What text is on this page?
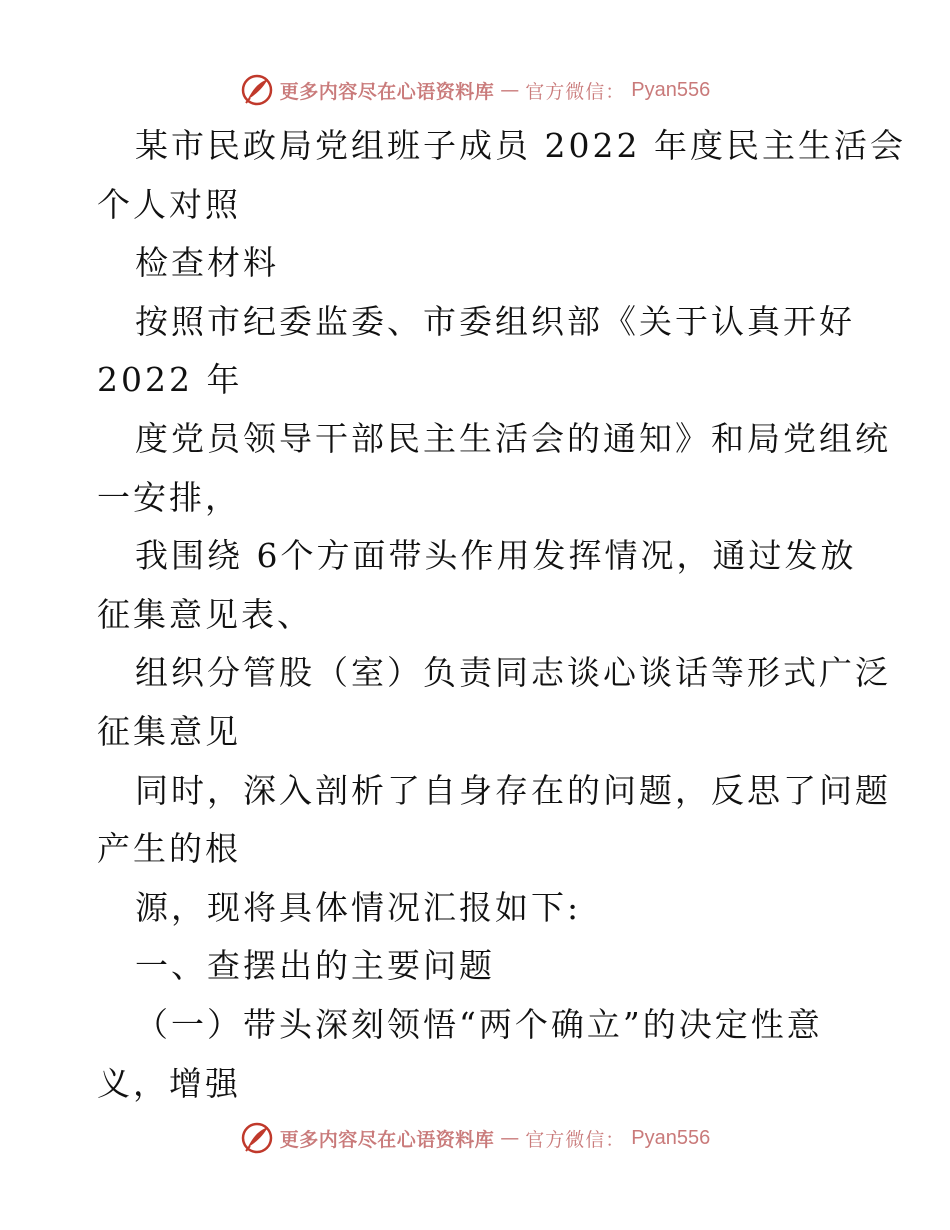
更多内容尽在心语资料库 — 官方微信： Pyan556
某市民政局党组班子成员 2022 年度民主生活会
个人对照
检查材料
按照市纪委监委、市委组织部《关于认真开好
2022 年
度党员领导干部民主生活会的通知》和局党组统
一安排，
我围绕 6个方面带头作用发挥情况，通过发放
征集意见表、
组织分管股（室）负责同志谈心谈话等形式广泛
征集意见
同时，深入剖析了自身存在的问题，反思了问题
产生的根
源，现将具体情况汇报如下:
一、查摆出的主要问题
（一）带头深刻领悟“两个确立”的决定性意
义，增强
更多内容尽在心语资料库 — 官方微信： Pyan556
